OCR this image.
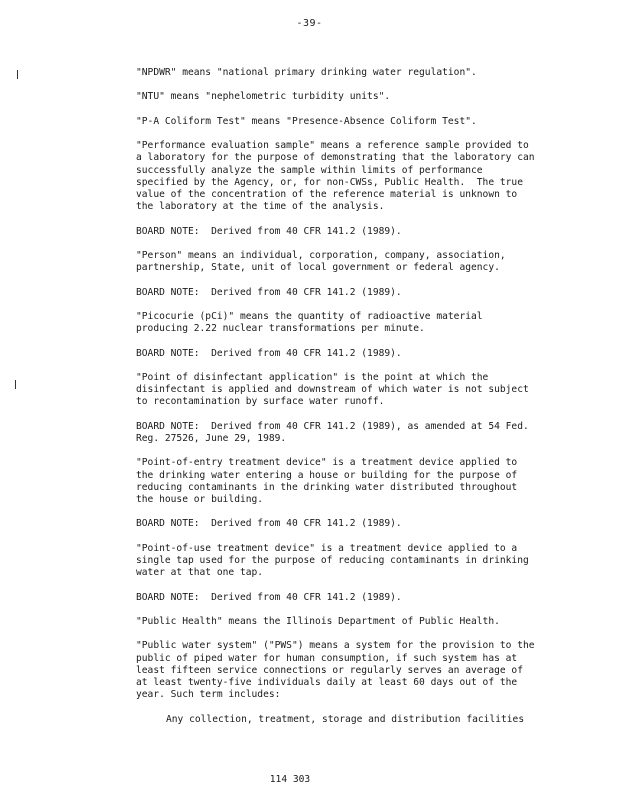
-39-
"NPDWR" means "national primary drinking water regulation".
"NTU" means "nephelometric turbidity units".
"P-A Coliform Test" means "Presence-Absence Coliform Test".
"Performance evaluation sample" means a reference sample provided to
a laboratory for the purpose of demonstrating that the laboratory can
successfully analyze the sample within limits of performance
specified by the Agency, or, for non-CWSs, Public Health.  The true
value of the concentration of the reference material is unknown to
the laboratory at the time of the analysis.
BOARD NOTE:  Derived from 40 CFR 141.2 (1989).
"Person" means an individual, corporation, company, association,
partnership, State, unit of local government or federal agency.
BOARD NOTE:  Derived from 40 CFR 141.2 (1989).
"Picocurie (pCi)" means the quantity of radioactive material
producing 2.22 nuclear transformations per minute.
BOARD NOTE:  Derived from 40 CFR 141.2 (1989).
"Point of disinfectant application" is the point at which the
disinfectant is applied and downstream of which water is not subject
to recontamination by surface water runoff.
BOARD NOTE:  Derived from 40 CFR 141.2 (1989), as amended at 54 Fed.
Reg. 27526, June 29, 1989.
"Point-of-entry treatment device" is a treatment device applied to
the drinking water entering a house or building for the purpose of
reducing contaminants in the drinking water distributed throughout
the house or building.
BOARD NOTE:  Derived from 40 CFR 141.2 (1989).
"Point-of-use treatment device" is a treatment device applied to a
single tap used for the purpose of reducing contaminants in drinking
water at that one tap.
BOARD NOTE:  Derived from 40 CFR 141.2 (1989).
"Public Health" means the Illinois Department of Public Health.
"Public water system" ("PWS") means a system for the provision to the
public of piped water for human consumption, if such system has at
least fifteen service connections or regularly serves an average of
at least twenty-five individuals daily at least 60 days out of the
year. Such term includes:
Any collection, treatment, storage and distribution facilities
114 303
